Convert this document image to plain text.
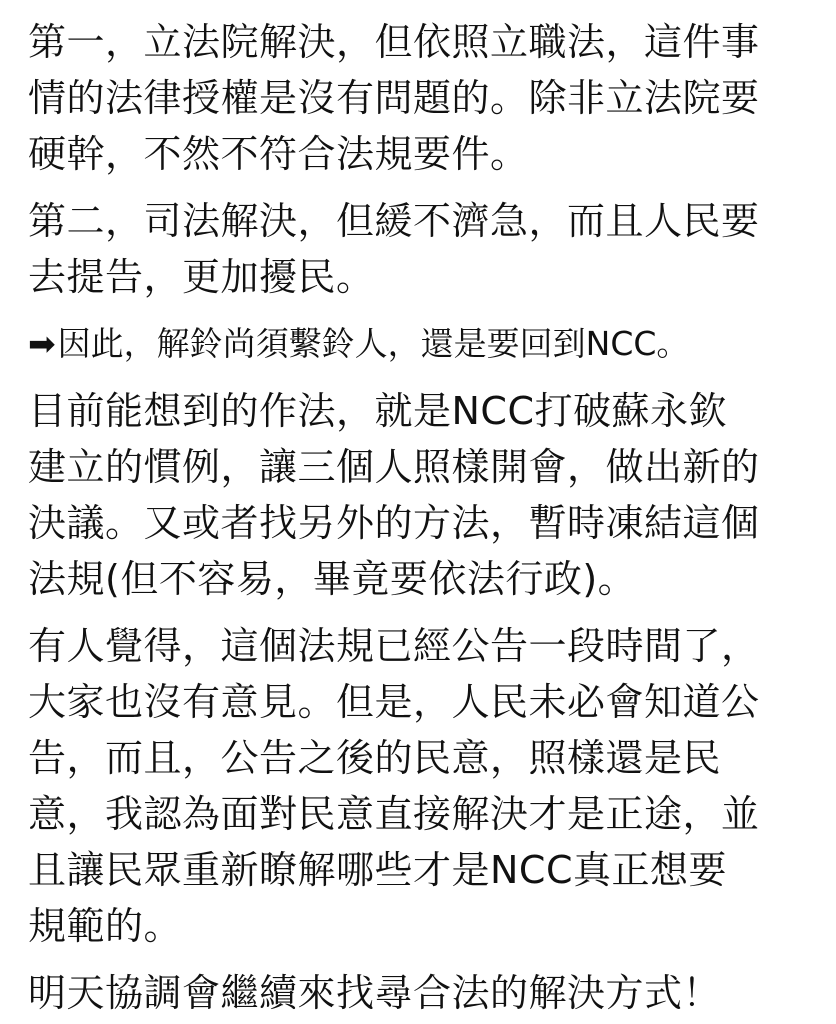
第一，立法院解決，但依照立職法，這件事
情的法律授權是沒有問題的。除非立法院要
硬幹，不然不符合法規要件。

第二，司法解決，但緩不濟急，而且人民要
去提告，更加擾民。

➡因此，解鈴尚須繫鈴人，還是要回到NCC。

目前能想到的作法，就是NCC打破蘇永欽
建立的慣例，讓三個人照樣開會，做出新的
決議。又或者找另外的方法，暫時凍結這個
法規(但不容易，畢竟要依法行政)。

有人覺得，這個法規已經公告一段時間了，
大家也沒有意見。但是，人民未必會知道公
告，而且，公告之後的民意，照樣還是民
意，我認為面對民意直接解決才是正途，並
且讓民眾重新瞭解哪些才是NCC真正想要
規範的。

明天協調會繼續來找尋合法的解決方式！
